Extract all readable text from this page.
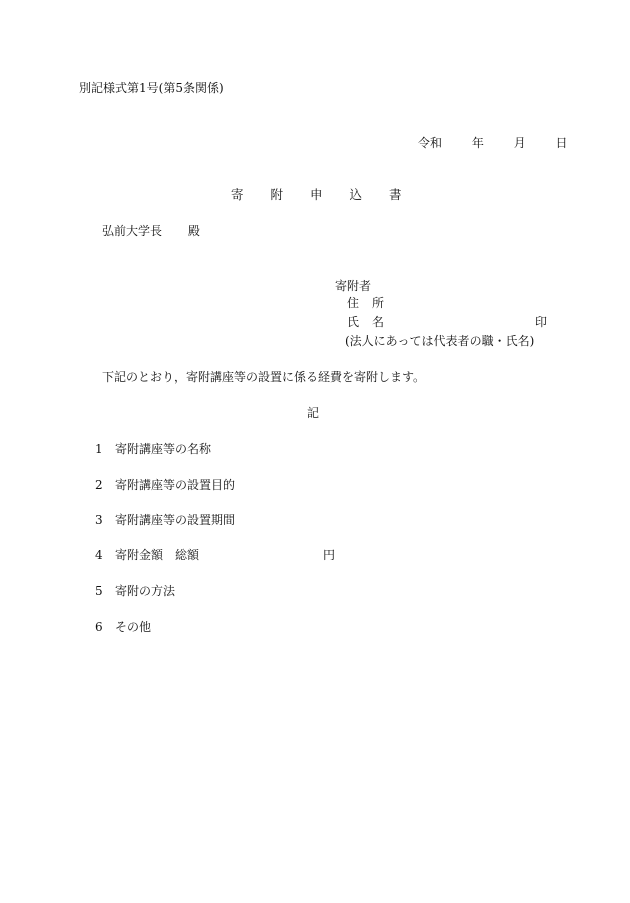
別記様式第1号(第5条関係)
令和 年 月 日
寄 附 申 込 書
弘前大学長 殿
寄附者
住所
氏名	印
(法人にあっては代表者の職・氏名)
下記のとおり，寄附講座等の設置に係る経費を寄附します。
記
1 寄附講座等の名称
2 寄附講座等の設置目的
3 寄附講座等の設置期間
4 寄附金額 総額	円
5 寄附の方法
6 その他
